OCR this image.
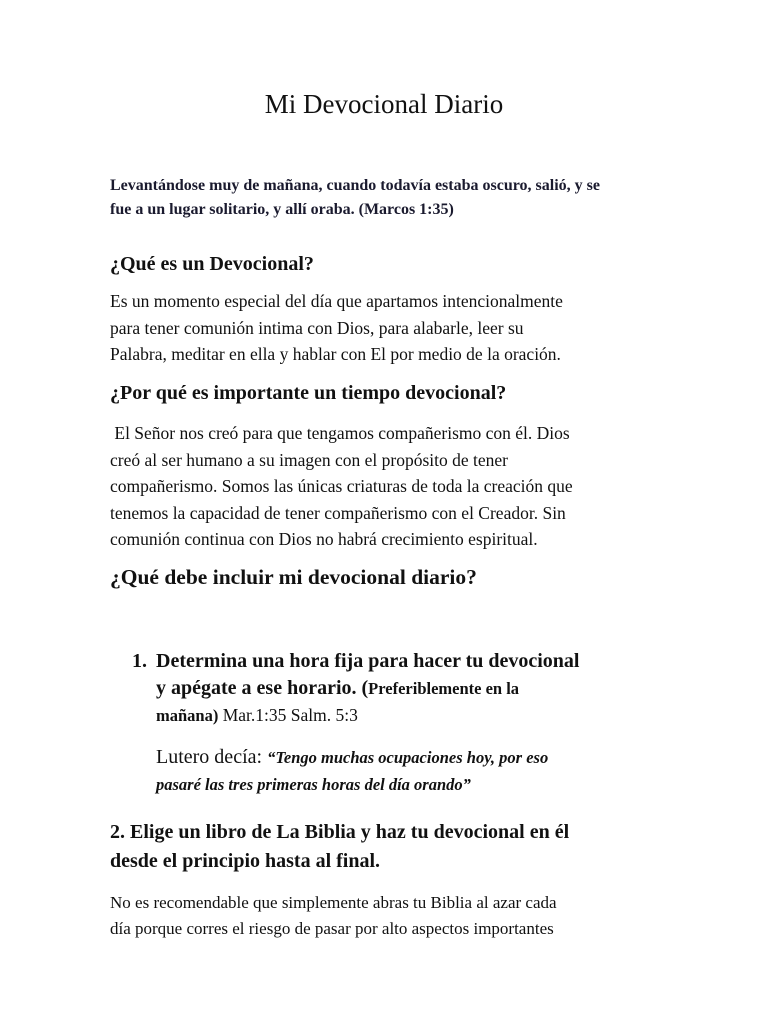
Mi Devocional Diario
Levantándose muy de mañana, cuando todavía estaba oscuro, salió, y se
fue a un lugar solitario, y allí oraba. (Marcos 1:35)
¿Qué es un Devocional?
Es un momento especial del día que apartamos intencionalmente
para tener comunión intima con Dios, para alabarle, leer su
Palabra, meditar en ella y hablar con El por medio de la oración.
¿Por qué es importante un tiempo devocional?
El Señor nos creó para que tengamos compañerismo con él. Dios
creó al ser humano a su imagen con el propósito de tener
compañerismo. Somos las únicas criaturas de toda la creación que
tenemos la capacidad de tener compañerismo con el Creador. Sin
comunión continua con Dios no habrá crecimiento espiritual.
¿Qué debe incluir mi devocional diario?
1. Determina una hora fija para hacer tu devocional
y apégate a ese horario. (Preferiblemente en la
mañana) Mar.1:35 Salm. 5:3
Lutero decía: “Tengo muchas ocupaciones hoy, por eso
pasaré las tres primeras horas del día orando”
2. Elige un libro de La Biblia y haz tu devocional en él
desde el principio hasta al final.
No es recomendable que simplemente abras tu Biblia al azar cada
día porque corres el riesgo de pasar por alto aspectos importantes
